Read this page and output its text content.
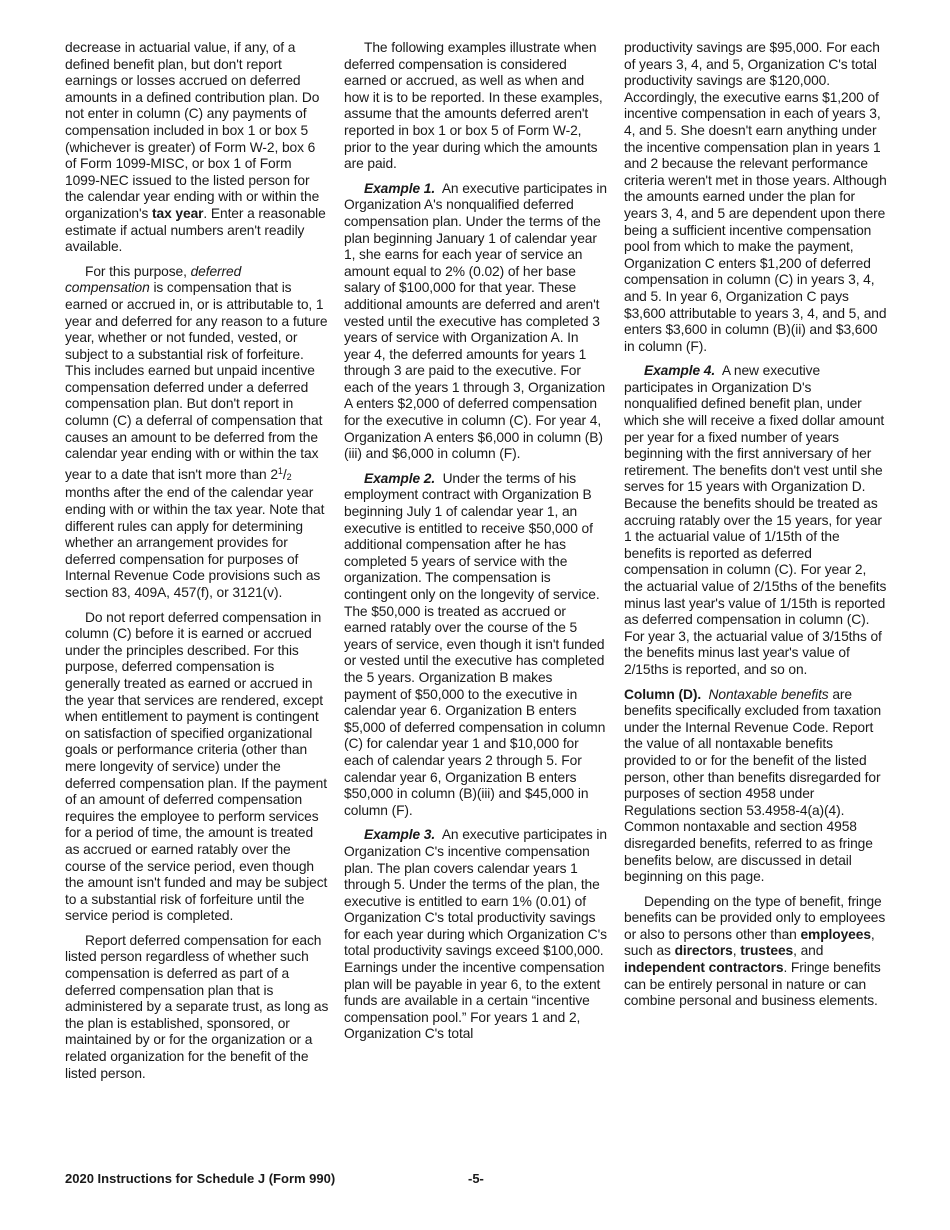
decrease in actuarial value, if any, of a defined benefit plan, but don't report earnings or losses accrued on deferred amounts in a defined contribution plan. Do not enter in column (C) any payments of compensation included in box 1 or box 5 (whichever is greater) of Form W-2, box 6 of Form 1099-MISC, or box 1 of Form 1099-NEC issued to the listed person for the calendar year ending with or within the organization's tax year. Enter a reasonable estimate if actual numbers aren't readily available.

For this purpose, deferred compensation is compensation that is earned or accrued in, or is attributable to, 1 year and deferred for any reason to a future year, whether or not funded, vested, or subject to a substantial risk of forfeiture. This includes earned but unpaid incentive compensation deferred under a deferred compensation plan. But don't report in column (C) a deferral of compensation that causes an amount to be deferred from the calendar year ending with or within the tax year to a date that isn't more than $2^1/_2$ months after the end of the calendar year ending with or within the tax year. Note that different rules can apply for determining whether an arrangement provides for deferred compensation for purposes of Internal Revenue Code provisions such as section 83, 409A, 457(f), or 3121(v).

Do not report deferred compensation in column (C) before it is earned or accrued under the principles described. For this purpose, deferred compensation is generally treated as earned or accrued in the year that services are rendered, except when entitlement to payment is contingent on satisfaction of specified organizational goals or performance criteria (other than mere longevity of service) under the deferred compensation plan. If the payment of an amount of deferred compensation requires the employee to perform services for a period of time, the amount is treated as accrued or earned ratably over the course of the service period, even though the amount isn't funded and may be subject to a substantial risk of forfeiture until the service period is completed.

Report deferred compensation for each listed person regardless of whether such compensation is deferred as part of a deferred compensation plan that is administered by a separate trust, as long as the plan is established, sponsored, or maintained by or for the organization or a related organization for the benefit of the listed person.

The following examples illustrate when deferred compensation is considered earned or accrued, as well as when and how it is to be reported. In these examples, assume that the amounts deferred aren't reported in box 1 or box 5 of Form W-2, prior to the year during which the amounts are paid.

Example 1. An executive participates in Organization A's nonqualified deferred compensation plan. Under the terms of the plan beginning January 1 of calendar year 1, she earns for each year of service an amount equal to 2% (0.02) of her base salary of $100,000 for that year. These additional amounts are deferred and aren't vested until the executive has completed 3 years of service with Organization A. In year 4, the deferred amounts for years 1 through 3 are paid to the executive. For each of the years 1 through 3, Organization A enters $2,000 of deferred compensation for the executive in column (C). For year 4, Organization A enters $6,000 in column (B)(iii) and $6,000 in column (F).

Example 2. Under the terms of his employment contract with Organization B beginning July 1 of calendar year 1, an executive is entitled to receive $50,000 of additional compensation after he has completed 5 years of service with the organization. The compensation is contingent only on the longevity of service. The $50,000 is treated as accrued or earned ratably over the course of the 5 years of service, even though it isn't funded or vested until the executive has completed the 5 years. Organization B makes payment of $50,000 to the executive in calendar year 6. Organization B enters $5,000 of deferred compensation in column (C) for calendar year 1 and $10,000 for each of calendar years 2 through 5. For calendar year 6, Organization B enters $50,000 in column (B)(iii) and $45,000 in column (F).

Example 3. An executive participates in Organization C's incentive compensation plan. The plan covers calendar years 1 through 5. Under the terms of the plan, the executive is entitled to earn 1% (0.01) of Organization C's total productivity savings for each year during which Organization C's total productivity savings exceed $100,000. Earnings under the incentive compensation plan will be payable in year 6, to the extent funds are available in a certain “incentive compensation pool.” For years 1 and 2, Organization C's total

productivity savings are $95,000. For each of years 3, 4, and 5, Organization C's total productivity savings are $120,000. Accordingly, the executive earns $1,200 of incentive compensation in each of years 3, 4, and 5. She doesn't earn anything under the incentive compensation plan in years 1 and 2 because the relevant performance criteria weren't met in those years. Although the amounts earned under the plan for years 3, 4, and 5 are dependent upon there being a sufficient incentive compensation pool from which to make the payment, Organization C enters $1,200 of deferred compensation in column (C) in years 3, 4, and 5. In year 6, Organization C pays $3,600 attributable to years 3, 4, and 5, and enters $3,600 in column (B)(ii) and $3,600 in column (F).

Example 4. A new executive participates in Organization D's nonqualified defined benefit plan, under which she will receive a fixed dollar amount per year for a fixed number of years beginning with the first anniversary of her retirement. The benefits don't vest until she serves for 15 years with Organization D. Because the benefits should be treated as accruing ratably over the 15 years, for year 1 the actuarial value of 1/15th of the benefits is reported as deferred compensation in column (C). For year 2, the actuarial value of 2/15ths of the benefits minus last year's value of 1/15th is reported as deferred compensation in column (C). For year 3, the actuarial value of 3/15ths of the benefits minus last year's value of 2/15ths is reported, and so on.

Column (D). Nontaxable benefits are benefits specifically excluded from taxation under the Internal Revenue Code. Report the value of all nontaxable benefits provided to or for the benefit of the listed person, other than benefits disregarded for purposes of section 4958 under Regulations section 53.4958-4(a)(4). Common nontaxable and section 4958 disregarded benefits, referred to as fringe benefits below, are discussed in detail beginning on this page.

Depending on the type of benefit, fringe benefits can be provided only to employees or also to persons other than employees, such as directors, trustees, and independent contractors. Fringe benefits can be entirely personal in nature or can combine personal and business elements.

2020 Instructions for Schedule J (Form 990)	-5-
